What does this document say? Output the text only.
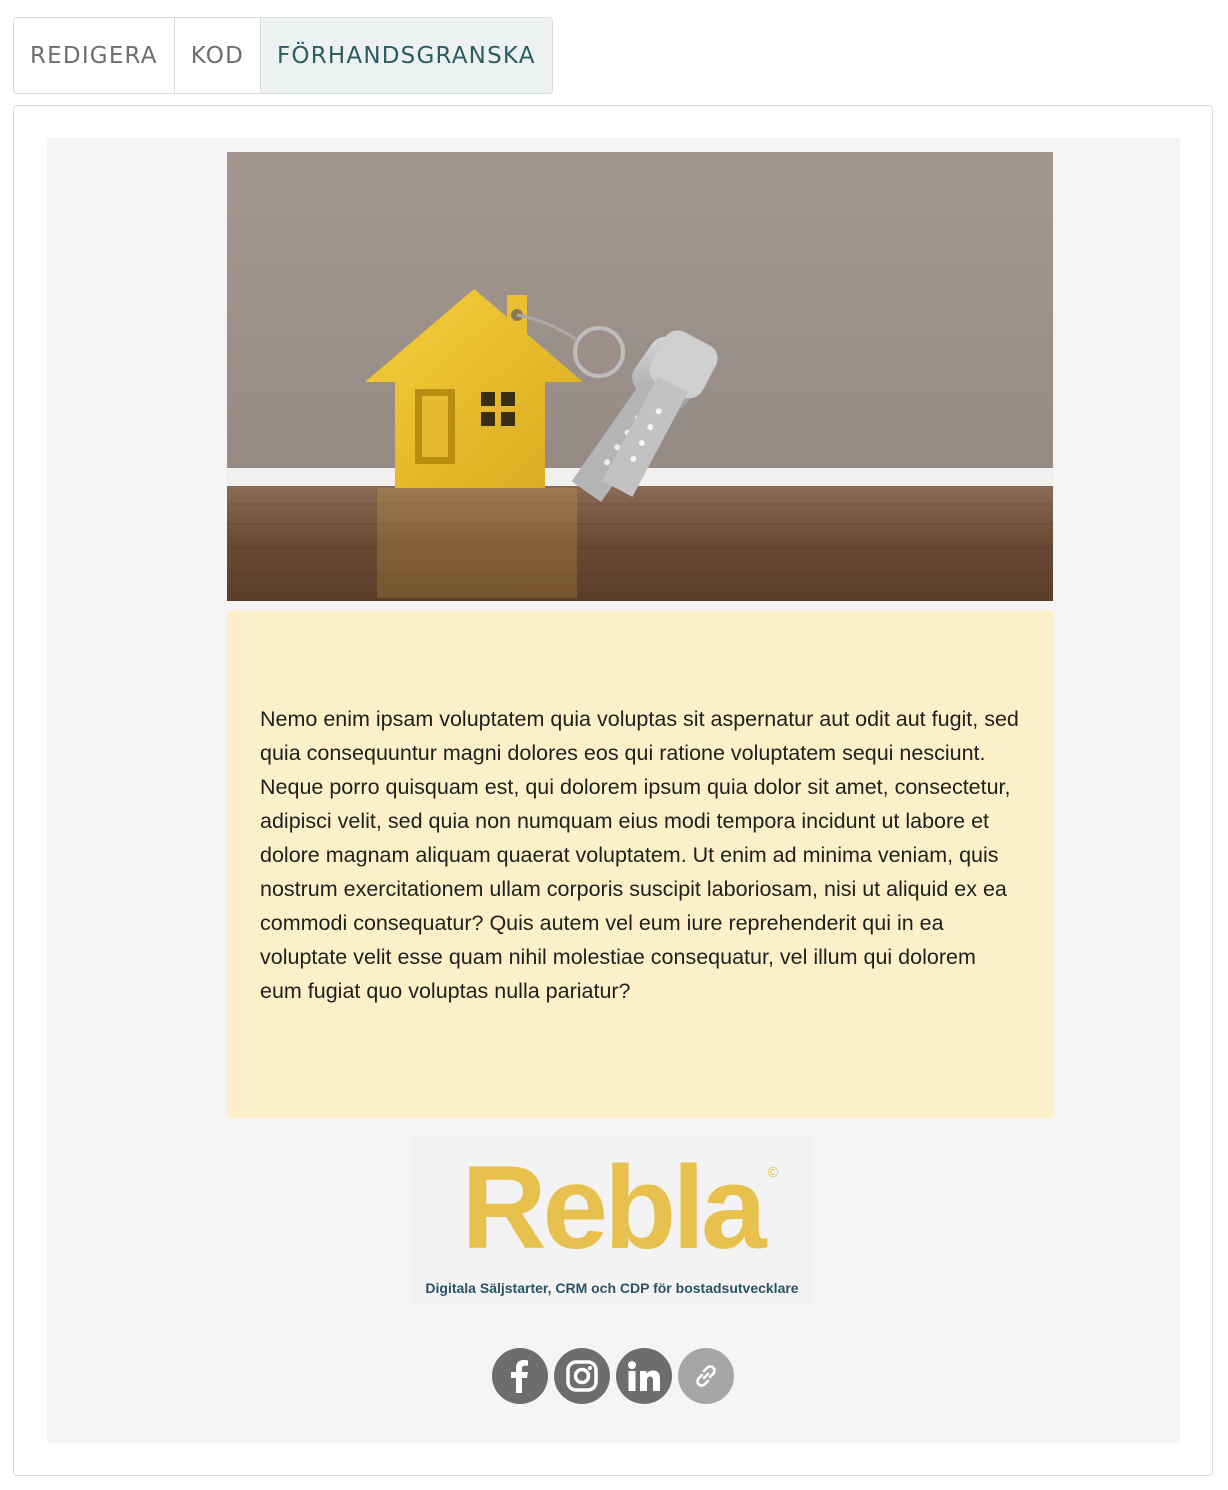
REDIGERA	KOD	FÖRHANDSGRANSKA

Nemo enim ipsam voluptatem quia voluptas sit aspernatur aut odit aut fugit, sed quia consequuntur magni dolores eos qui ratione voluptatem sequi nesciunt. Neque porro quisquam est, qui dolorem ipsum quia dolor sit amet, consectetur, adipisci velit, sed quia non numquam eius modi tempora incidunt ut labore et dolore magnam aliquam quaerat voluptatem. Ut enim ad minima veniam, quis nostrum exercitationem ullam corporis suscipit laboriosam, nisi ut aliquid ex ea commodi consequatur? Quis autem vel eum iure reprehenderit qui in ea voluptate velit esse quam nihil molestiae consequatur, vel illum qui dolorem eum fugiat quo voluptas nulla pariatur?

Rebla ©
Digitala Säljstarter, CRM och CDP för bostadsutvecklare
